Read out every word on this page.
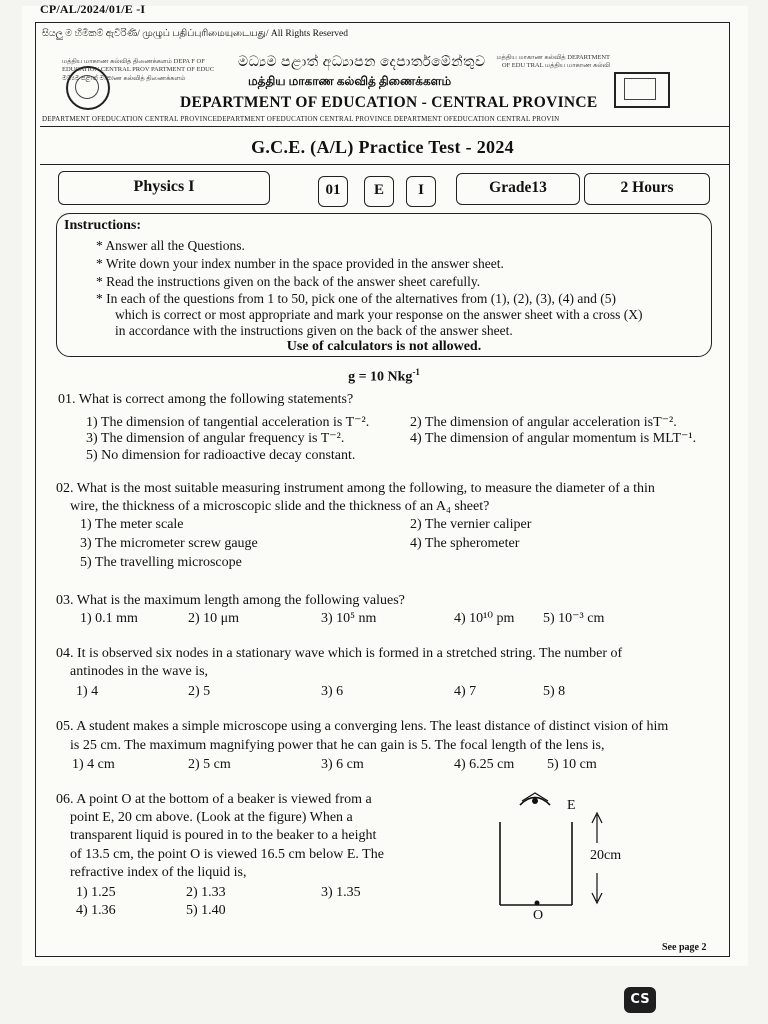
CP/AL/2024/01/E -I
සියලු ම හිමිකම් ඇවිරිණි/ முழுப் பதிப்புரிமையுடையது/ All Rights Reserved
மத்திய மாகாண கல்வித் திணைக்களம் DEPA F OF EDUCATION CENTRAL PROV PARTMENT OF EDUC මධ්‍යම පළාත් මාකාண கல்வித் திணைக்களம்
මධ්‍යම පළාත් අධ්‍යාපන දෙපාර්තමේන්තුව
மத்திய மாகாண கல்வித் திணைக்களம்
மத்திய மாகாண கல்வித் DEPARTMENT OF EDU TRAL மத்திய மாகாண கல்வி
DEPARTMENT OF EDUCATION - CENTRAL PROVINCE
DEPARTMENT OFEDUCATION CENTRAL PROVINCEDEPARTMENT OFEDUCATION CENTRAL PROVINCE DEPARTMENT OFEDUCATION CENTRAL PROVIN
G.C.E. (A/L) Practice Test - 2024
Physics I	01	E	I	Grade13	2 Hours
Instructions:
* Answer all the Questions.
* Write down your index number in the space provided in the answer sheet.
* Read the instructions given on the back of the answer sheet carefully.
* In each of the questions from 1 to 50, pick one of the alternatives from (1), (2), (3), (4) and (5)
which is correct or most appropriate and mark your response on the answer sheet with a cross (X)
in accordance with the instructions given on the back of the answer sheet.
Use of calculators is not allowed.
g = 10 Nkg$^{-1}$
01. What is correct among the following statements?
1) The dimension of tangential acceleration is T⁻².	2) The dimension of angular acceleration isT⁻².
3) The dimension of angular frequency is T⁻².	4) The dimension of angular momentum is MLT⁻¹.
5) No dimension for radioactive decay constant.
02. What is the most suitable measuring instrument among the following, to measure the diameter of a thin
wire, the thickness of a microscopic slide and the thickness of an A₄ sheet?
1) The meter scale	2) The vernier caliper
3) The micrometer screw gauge	4) The spherometer
5) The travelling microscope
03. What is the maximum length among the following values?
1) 0.1 mm	2) 10 μm	3) 10⁵ nm	4) 10¹⁰ pm 5) 10⁻³ cm
04. It is observed six nodes in a stationary wave which is formed in a stretched string. The number of
antinodes in the wave is,
1) 4	2) 5	3) 6	4) 7	5) 8
05. A student makes a simple microscope using a converging lens. The least distance of distinct vision of him
is 25 cm. The maximum magnifying power that he can gain is 5. The focal length of the lens is,
1) 4 cm	2) 5 cm	3) 6 cm	4) 6.25 cm 5) 10 cm
06. A point O at the bottom of a beaker is viewed from a
point E, 20 cm above. (Look at the figure) When a
transparent liquid is poured in to the beaker to a height
of 13.5 cm, the point O is viewed 16.5 cm below E. The
refractive index of the liquid is,
1) 1.25	2) 1.33	3) 1.35
4) 1.36	5) 1.40
E
20cm
O
See page 2
CS
